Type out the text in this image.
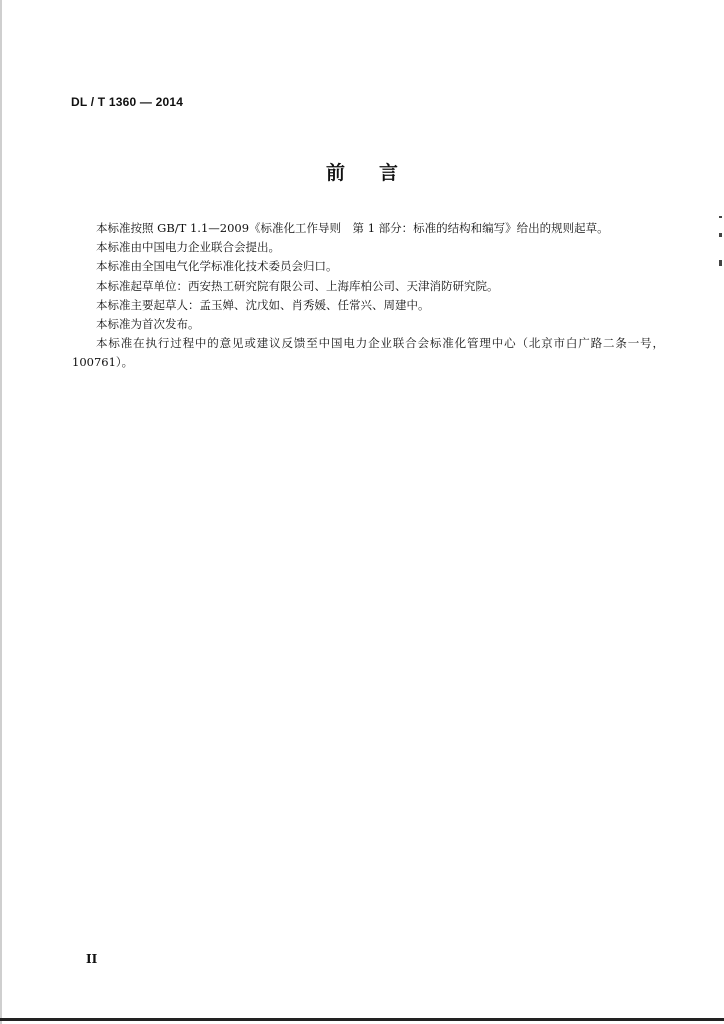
DL / T 1360 — 2014
前言

本标准按照 GB/T 1.1—2009《标准化工作导则　第 1 部分：标准的结构和编写》给出的规则起草。

本标准由中国电力企业联合会提出。

本标准由全国电气化学标准化技术委员会归口。

本标准起草单位：西安热工研究院有限公司、上海库柏公司、天津消防研究院。

本标准主要起草人：孟玉婵、沈戊如、肖秀媛、任常兴、周建中。

本标准为首次发布。

本标准在执行过程中的意见或建议反馈至中国电力企业联合会标准化管理中心（北京市白广路二条一号，100761）。

II
